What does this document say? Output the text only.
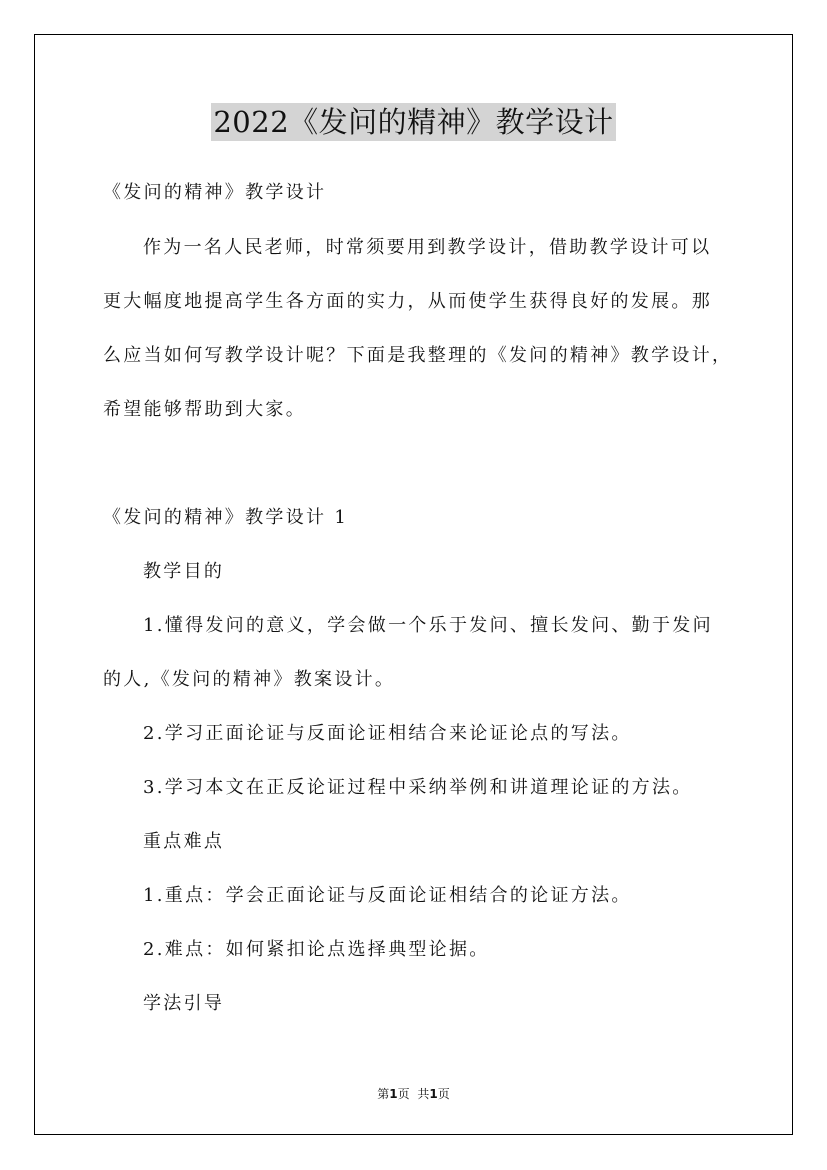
2022《发问的精神》教学设计
《发问的精神》教学设计
作为一名人民老师，时常须要用到教学设计，借助教学设计可以
更大幅度地提高学生各方面的实力，从而使学生获得良好的发展。那
么应当如何写教学设计呢？下面是我整理的《发问的精神》教学设计，
希望能够帮助到大家。
《发问的精神》教学设计 1
教学目的
1.懂得发问的意义，学会做一个乐于发问、擅长发问、勤于发问
的人,《发问的精神》教案设计。
2.学习正面论证与反面论证相结合来论证论点的写法。
3.学习本文在正反论证过程中采纳举例和讲道理论证的方法。
重点难点
1.重点：学会正面论证与反面论证相结合的论证方法。
2.难点：如何紧扣论点选择典型论据。
学法引导
第1页 共1页
